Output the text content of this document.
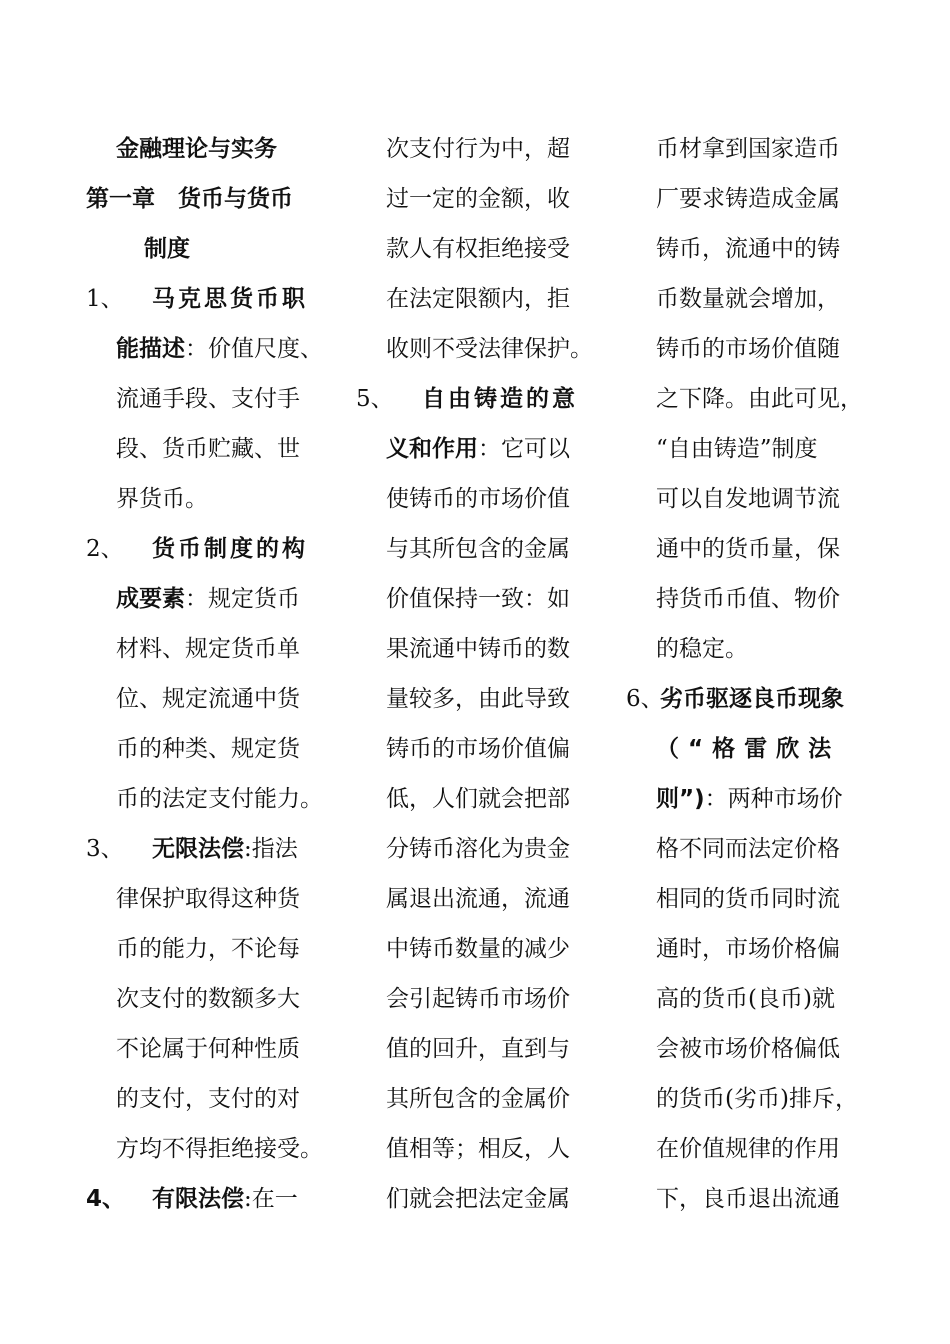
金融理论与实务
第一章　货币与货币
制度
1、 马克思货币职
能描述：价值尺度、
流通手段、支付手
段、货币贮藏、世
界货币。
2、 货币制度的构
成要素：规定货币
材料、规定货币单
位、规定流通中货
币的种类、规定货
币的法定支付能力。
3、 无限法偿:指法
律保护取得这种货
币的能力，不论每
次支付的数额多大
不论属于何种性质
的支付，支付的对
方均不得拒绝接受。
4、 有限法偿:在一
次支付行为中，超
过一定的金额，收
款人有权拒绝接受
在法定限额内，拒
收则不受法律保护。
5、 自由铸造的意
义和作用：它可以
使铸币的市场价值
与其所包含的金属
价值保持一致：如
果流通中铸币的数
量较多，由此导致
铸币的市场价值偏
低，人们就会把部
分铸币溶化为贵金
属退出流通，流通
中铸币数量的减少
会引起铸币市场价
值的回升，直到与
其所包含的金属价
值相等；相反，人
们就会把法定金属
币材拿到国家造币
厂要求铸造成金属
铸币，流通中的铸
币数量就会增加，
铸币的市场价值随
之下降。由此可见，
“自由铸造”制度
可以自发地调节流
通中的货币量，保
持货币币值、物价
的稳定。
6、劣币驱逐良币现象
（“格雷欣法
则”)：两种市场价
格不同而法定价格
相同的货币同时流
通时，市场价格偏
高的货币(良币)就
会被市场价格偏低
的货币(劣币)排斥，
在价值规律的作用
下，良币退出流通
